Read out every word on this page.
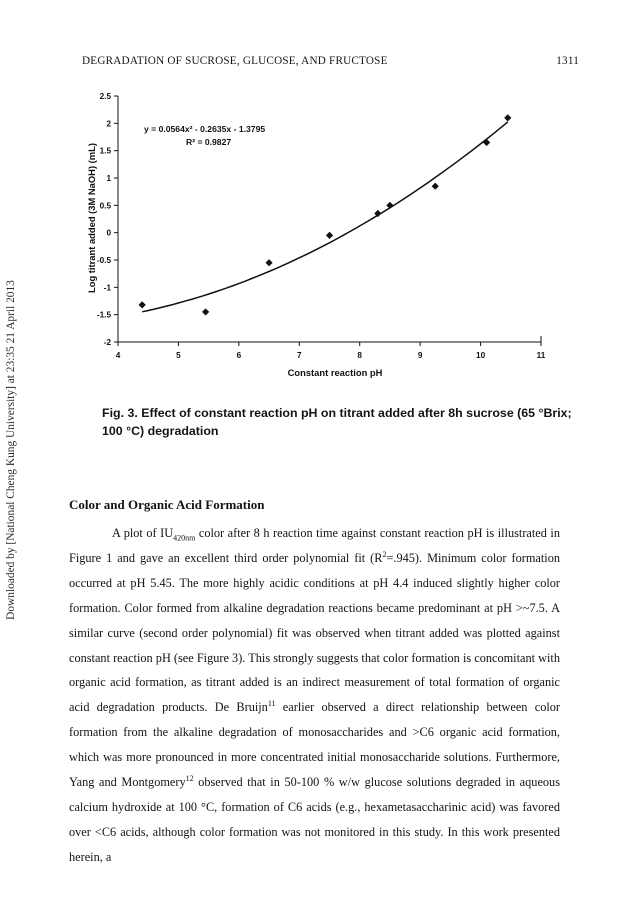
DEGRADATION OF SUCROSE, GLUCOSE, AND FRUCTOSE	1311
Downloaded by [National Cheng Kung University] at 23:35 21 April 2013
2.5
2
1.5
1
0.5
0
-0.5
-1
-1.5
-2
4	5	6	7	8	9	10	11
y = 0.0564x² - 0.2635x - 1.3795
R² = 0.9827
Constant reaction pH
Log titrant added (3M NaOH) (mL)
Fig. 3. Effect of constant reaction pH on titrant added after 8h sucrose (65 °Brix; 100 °C) degradation
Color and Organic Acid Formation

A plot of $IU_{420nm}$ color after 8 h reaction time against constant reaction pH is illustrated in Figure 1 and gave an excellent third order polynomial fit $(R^2=.945)$. Minimum color formation occurred at pH 5.45. The more highly acidic conditions at pH 4.4 induced slightly higher color formation. Color formed from alkaline degradation reactions became predominant at pH >~7.5. A similar curve (second order polynomial) fit was observed when titrant added was plotted against constant reaction pH (see Figure 3). This strongly suggests that color formation is concomitant with organic acid formation, as titrant added is an indirect measurement of total formation of organic acid degradation products. De Bruijn$^{11}$ earlier observed a direct relationship between color formation from the alkaline degradation of monosaccharides and >C6 organic acid formation, which was more pronounced in more concentrated initial monosaccharide solutions. Furthermore, Yang and Montgomery$^{12}$ observed that in 50-100 % w/w glucose solutions degraded in aqueous calcium hydroxide at 100 °C, formation of C6 acids (e.g., hexametasaccharinic acid) was favored over <C6 acids, although color formation was not monitored in this study. In this work presented herein, a
